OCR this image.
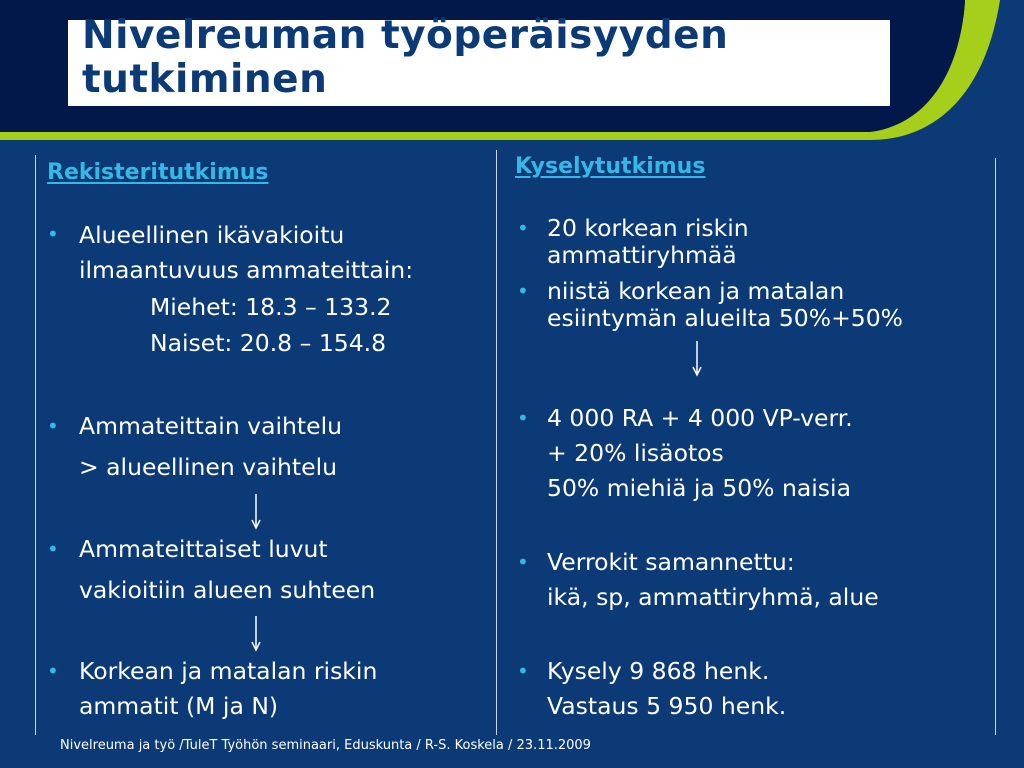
Nivelreuman työperäisyyden
tutkiminen
Rekisteritutkimus
• Alueellinen ikävakioitu
ilmaantuvuus ammateittain:
Miehet: 18.3 – 133.2
Naiset: 20.8 – 154.8
• Ammateittain vaihtelu
> alueellinen vaihtelu
• Ammateittaiset luvut
vakioitiin alueen suhteen
• Korkean ja matalan riskin
ammatit (M ja N)
Kyselytutkimus
• 20 korkean riskin
ammattiryhmää
• niistä korkean ja matalan
esiintymän alueilta 50%+50%
• 4 000 RA + 4 000 VP-verr.
+ 20% lisäotos
50% miehiä ja 50% naisia
• Verrokit samannettu:
ikä, sp, ammattiryhmä, alue
• Kysely 9 868 henk.
Vastaus 5 950 henk.
Nivelreuma ja työ /TuleT Työhön seminaari, Eduskunta / R-S. Koskela / 23.11.2009
